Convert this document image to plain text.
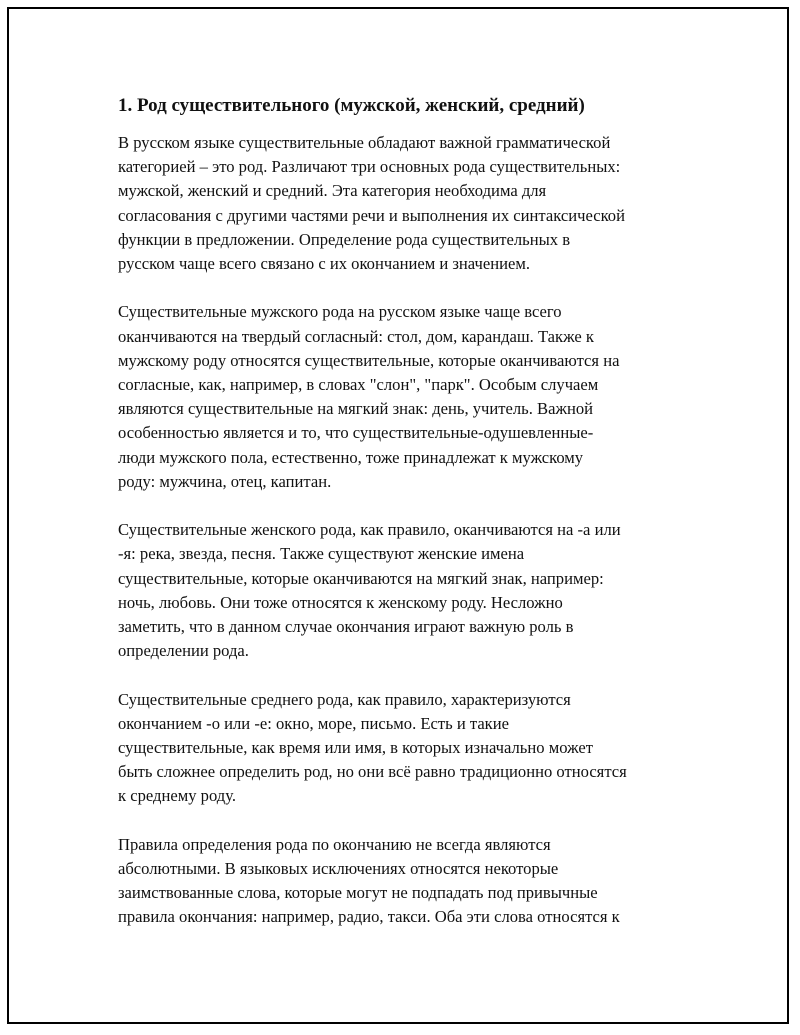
1. Род существительного (мужской, женский, средний)
В русском языке существительные обладают важной грамматической
категорией – это род. Различают три основных рода существительных:
мужской, женский и средний. Эта категория необходима для
согласования с другими частями речи и выполнения их синтаксической
функции в предложении. Определение рода существительных в
русском чаще всего связано с их окончанием и значением.
Существительные мужского рода на русском языке чаще всего
оканчиваются на твердый согласный: стол, дом, карандаш. Также к
мужскому роду относятся существительные, которые оканчиваются на
согласные, как, например, в словах "слон", "парк". Особым случаем
являются существительные на мягкий знак: день, учитель. Важной
особенностью является и то, что существительные-одушевленные-
люди мужского пола, естественно, тоже принадлежат к мужскому
роду: мужчина, отец, капитан.
Существительные женского рода, как правило, оканчиваются на -а или
-я: река, звезда, песня. Также существуют женские имена
существительные, которые оканчиваются на мягкий знак, например:
ночь, любовь. Они тоже относятся к женскому роду. Несложно
заметить, что в данном случае окончания играют важную роль в
определении рода.
Существительные среднего рода, как правило, характеризуются
окончанием -о или -е: окно, море, письмо. Есть и такие
существительные, как время или имя, в которых изначально может
быть сложнее определить род, но они всё равно традиционно относятся
к среднему роду.
Правила определения рода по окончанию не всегда являются
абсолютными. В языковых исключениях относятся некоторые
заимствованные слова, которые могут не подпадать под привычные
правила окончания: например, радио, такси. Оба эти слова относятся к
